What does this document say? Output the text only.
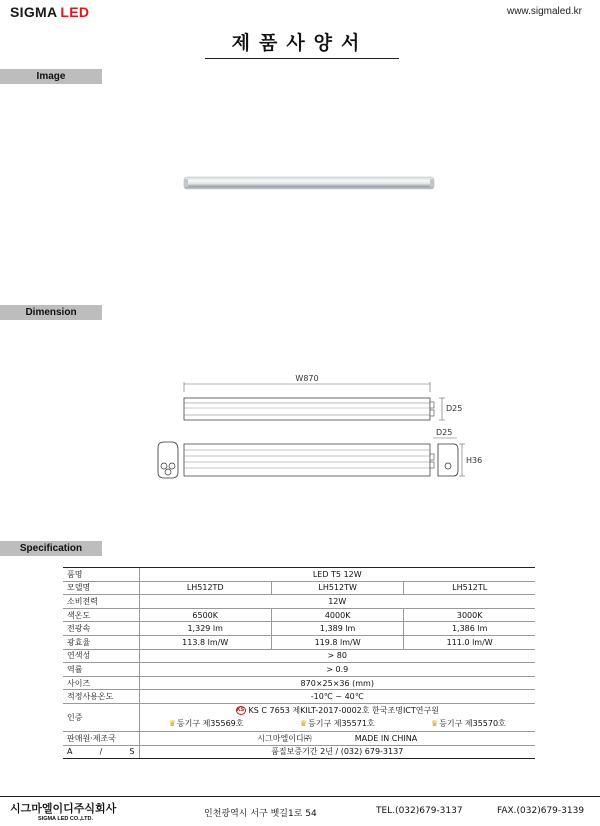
SIGMA LED	www.sigmaled.kr
제품사양서
Image
Dimension
W870
D25
D25
H36
Specification
품명	LED T5 12W		
모델명	LH512TD	LH512TW	LH512TL
소비전력	12W		
색온도	6500K	4000K	3000K
전광속	1,329 lm	1,389 lm	1,386 lm
광효율	113.8 lm/W	119.8 lm/W	111.0 lm/W
연색성	> 80		
역률	> 0.9		
사이즈	870×25×36 (mm)		
적정사용온도	-10℃ ~ 40℃		
인증	KS KS C 7653 제KILT-2017-0002호 한국조명ICT연구원
♛등기구 제35569호 ♛등기구 제35571호 ♛등기구 제35570호		

판매원·제조국	시그마엘이디㈜ MADE IN CHINA		
A / S	품질보증기간 2년 / (032) 679-3137		
시그마엘이디주식회사
SIGMA LED CO.,LTD.	인천광역시 서구 벳길1로 54	TEL.(032)679-3137	FAX.(032)679-3139
